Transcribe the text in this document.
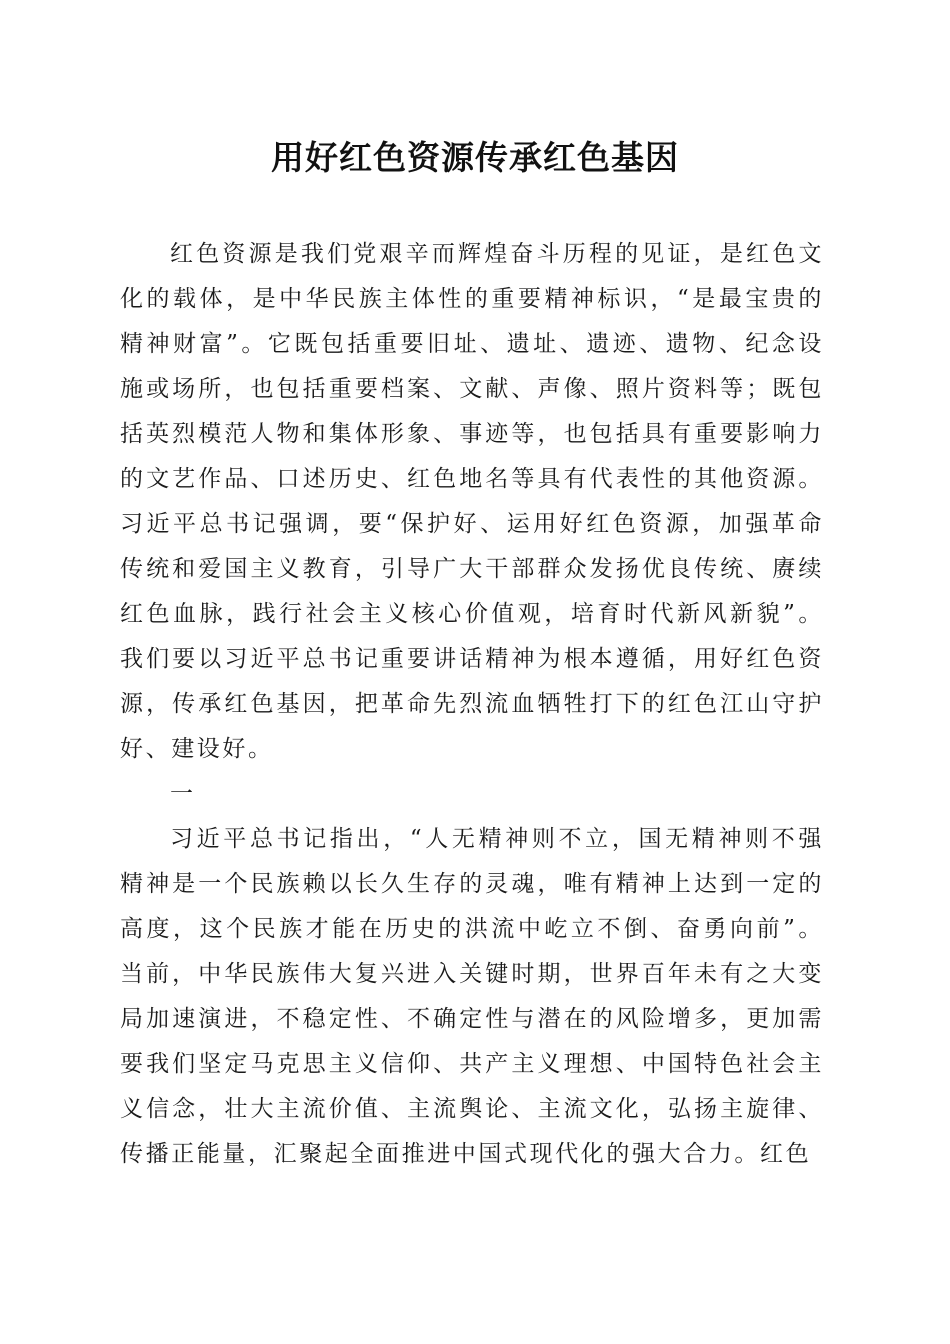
用好红色资源传承红色基因

红色资源是我们党艰辛而辉煌奋斗历程的见证，是红色文化的载体，是中华民族主体性的重要精神标识，“是最宝贵的精神财富”。它既包括重要旧址、遗址、遗迹、遗物、纪念设施或场所，也包括重要档案、文献、声像、照片资料等；既包括英烈模范人物和集体形象、事迹等，也包括具有重要影响力的文艺作品、口述历史、红色地名等具有代表性的其他资源。习近平总书记强调，要“保护好、运用好红色资源，加强革命传统和爱国主义教育，引导广大干部群众发扬优良传统、赓续红色血脉，践行社会主义核心价值观，培育时代新风新貌”。我们要以习近平总书记重要讲话精神为根本遵循，用好红色资源，传承红色基因，把革命先烈流血牺牲打下的红色江山守护好、建设好。

一

习近平总书记指出，“人无精神则不立，国无精神则不强精神是一个民族赖以长久生存的灵魂，唯有精神上达到一定的高度，这个民族才能在历史的洪流中屹立不倒、奋勇向前”。当前，中华民族伟大复兴进入关键时期，世界百年未有之大变局加速演进，不稳定性、不确定性与潜在的风险增多，更加需要我们坚定马克思主义信仰、共产主义理想、中国特色社会主义信念，壮大主流价值、主流舆论、主流文化，弘扬主旋律、传播正能量，汇聚起全面推进中国式现代化的强大合力。红色
